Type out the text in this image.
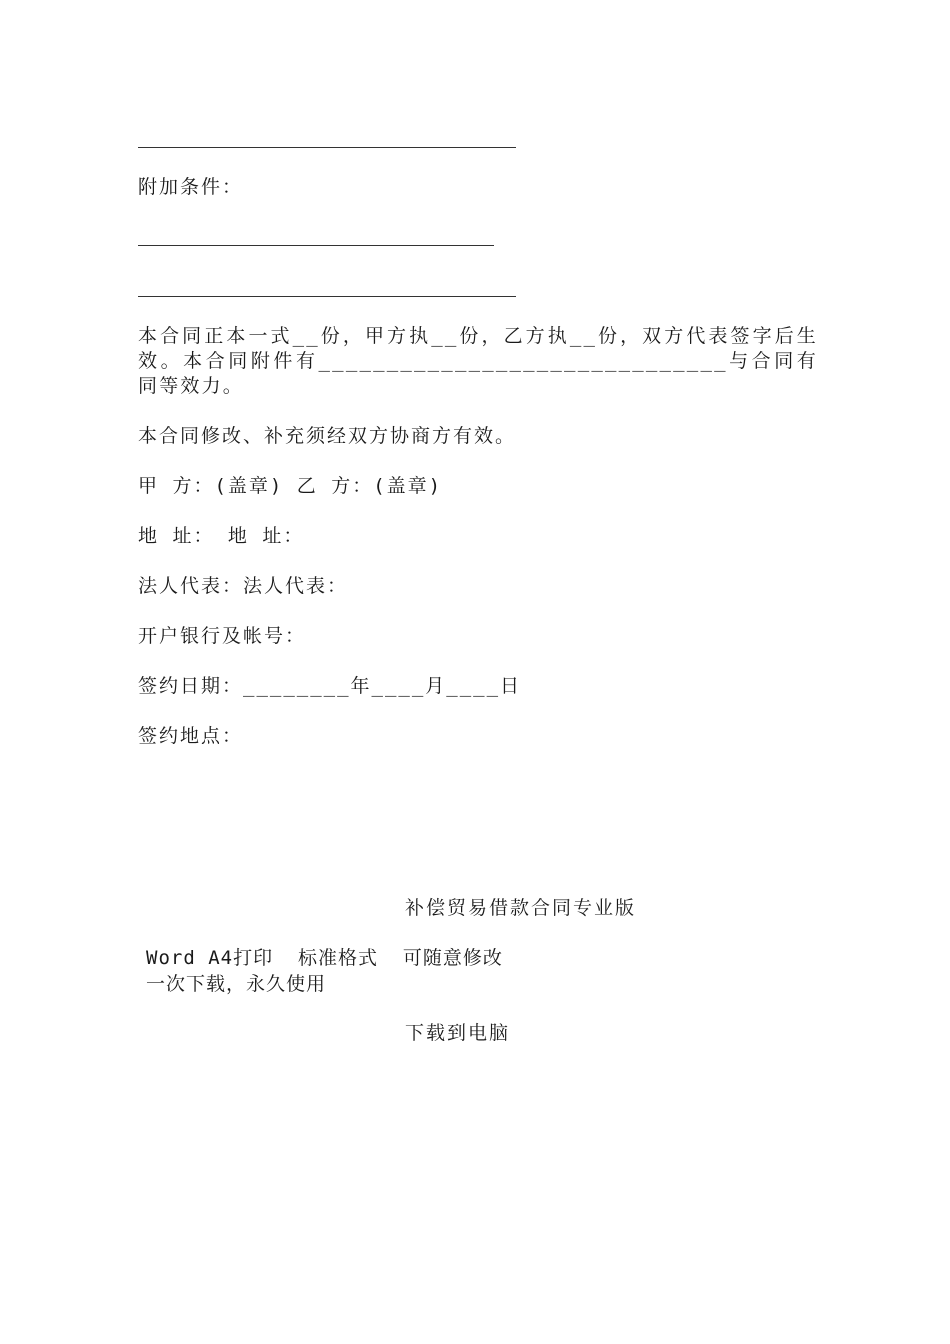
附加条件：
本合同正本一式__份，甲方执__份，乙方执__份，双方代表签字后生效。本合同附件有______________________________与合同有同等效力。
本合同修改、补充须经双方协商方有效。
甲 方：(盖章) 乙 方：(盖章)
地 址： 地 址：
法人代表：法人代表：
开户银行及帐号：
签约日期：________年____月____日
签约地点：
补偿贸易借款合同专业版
Word A4打印  标准格式  可随意修改
一次下载，永久使用
下载到电脑
